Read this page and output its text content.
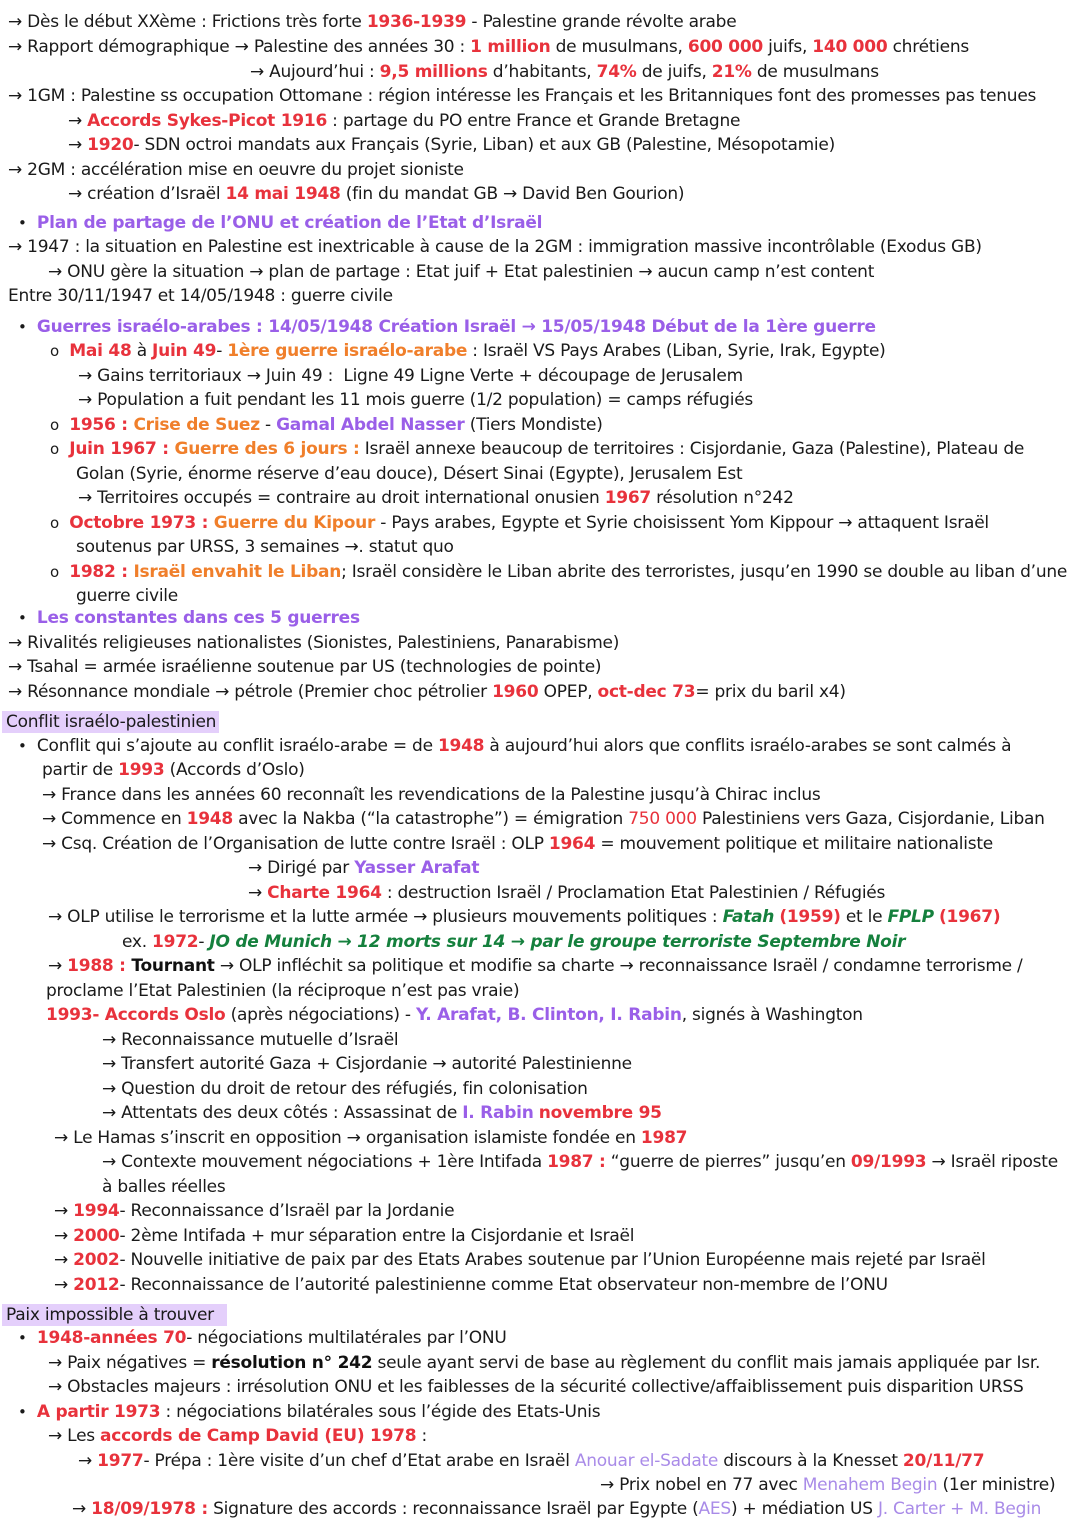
→ Dès le début XXème : Frictions très forte 1936-1939 - Palestine grande révolte arabe
→ Rapport démographique → Palestine des années 30 : 1 million de musulmans, 600 000 juifs, 140 000 chrétiens
→ Aujourd’hui : 9,5 millions d’habitants, 74% de juifs, 21% de musulmans
→ 1GM : Palestine ss occupation Ottomane : région intéresse les Français et les Britanniques font des promesses pas tenues
→ Accords Sykes-Picot 1916 : partage du PO entre France et Grande Bretagne
→ 1920- SDN octroi mandats aux Français (Syrie, Liban) et aux GB (Palestine, Mésopotamie)
→ 2GM : accélération mise en oeuvre du projet sioniste
→ création d’Israël 14 mai 1948 (fin du mandat GB → David Ben Gourion)
• Plan de partage de l’ONU et création de l’Etat d’Israël
→ 1947 : la situation en Palestine est inextricable à cause de la 2GM : immigration massive incontrôlable (Exodus GB)
→ ONU gère la situation → plan de partage : Etat juif + Etat palestinien → aucun camp n’est content
Entre 30/11/1947 et 14/05/1948 : guerre civile
• Guerres israélo-arabes : 14/05/1948 Création Israël → 15/05/1948 Début de la 1ère guerre
o Mai 48 à Juin 49- 1ère guerre israélo-arabe : Israël VS Pays Arabes (Liban, Syrie, Irak, Egypte)
→ Gains territoriaux → Juin 49 :  Ligne 49 Ligne Verte + découpage de Jerusalem
→ Population a fuit pendant les 11 mois guerre (1/2 population) = camps réfugiés
o 1956 : Crise de Suez - Gamal Abdel Nasser (Tiers Mondiste)
o Juin 1967 : Guerre des 6 jours : Israël annexe beaucoup de territoires : Cisjordanie, Gaza (Palestine), Plateau de
Golan (Syrie, énorme réserve d’eau douce), Désert Sinai (Egypte), Jerusalem Est
→ Territoires occupés = contraire au droit international onusien 1967 résolution n°242
o Octobre 1973 : Guerre du Kipour - Pays arabes, Egypte et Syrie choisissent Yom Kippour → attaquent Israël
soutenus par URSS, 3 semaines →. statut quo
o 1982 : Israël envahit le Liban; Israël considère le Liban abrite des terroristes, jusqu’en 1990 se double au liban d’une
guerre civile
• Les constantes dans ces 5 guerres
→ Rivalités religieuses nationalistes (Sionistes, Palestiniens, Panarabisme)
→ Tsahal = armée israélienne soutenue par US (technologies de pointe)
→ Résonnance mondiale → pétrole (Premier choc pétrolier 1960 OPEP, oct-dec 73= prix du baril x4)
Conflit israélo-palestinien
•  Conflit qui s’ajoute au conflit israélo-arabe = de 1948 à aujourd’hui alors que conflits israélo-arabes se sont calmés à
partir de 1993 (Accords d’Oslo)
→ France dans les années 60 reconnaît les revendications de la Palestine jusqu’à Chirac inclus
→ Commence en 1948 avec la Nakba (“la catastrophe”) = émigration 750 000 Palestiniens vers Gaza, Cisjordanie, Liban
→ Csq. Création de l’Organisation de lutte contre Israël : OLP 1964 = mouvement politique et militaire nationaliste
→ Dirigé par Yasser Arafat
→ Charte 1964 : destruction Israël / Proclamation Etat Palestinien / Réfugiés
→ OLP utilise le terrorisme et la lutte armée → plusieurs mouvements politiques : Fatah (1959) et le FPLP (1967)
ex. 1972- JO de Munich → 12 morts sur 14 → par le groupe terroriste Septembre Noir
→ 1988 : Tournant → OLP infléchit sa politique et modifie sa charte → reconnaissance Israël / condamne terrorisme /
proclame l’Etat Palestinien (la réciproque n’est pas vraie)
1993- Accords Oslo (après négociations) - Y. Arafat, B. Clinton, I. Rabin, signés à Washington
→ Reconnaissance mutuelle d’Israël
→ Transfert autorité Gaza + Cisjordanie → autorité Palestinienne
→ Question du droit de retour des réfugiés, fin colonisation
→ Attentats des deux côtés : Assassinat de I. Rabin novembre 95
→ Le Hamas s’inscrit en opposition → organisation islamiste fondée en 1987
→ Contexte mouvement négociations + 1ère Intifada 1987 : “guerre de pierres” jusqu’en 09/1993 → Israël riposte
à balles réelles
→ 1994- Reconnaissance d’Israël par la Jordanie
→ 2000- 2ème Intifada + mur séparation entre la Cisjordanie et Israël
→ 2002- Nouvelle initiative de paix par des Etats Arabes soutenue par l’Union Européenne mais rejeté par Israël
→ 2012- Reconnaissance de l’autorité palestinienne comme Etat observateur non-membre de l’ONU
Paix impossible à trouver
• 1948-années 70- négociations multilatérales par l’ONU
→ Paix négatives = résolution n° 242 seule ayant servi de base au règlement du conflit mais jamais appliquée par Isr.
→ Obstacles majeurs : irrésolution ONU et les faiblesses de la sécurité collective/affaiblissement puis disparition URSS
• A partir 1973 : négociations bilatérales sous l’égide des Etats-Unis
→ Les accords de Camp David (EU) 1978 :
→ 1977- Prépa : 1ère visite d’un chef d’Etat arabe en Israël Anouar el-Sadate discours à la Knesset 20/11/77
→ Prix nobel en 77 avec Menahem Begin (1er ministre)
→ 18/09/1978 : Signature des accords : reconnaissance Israël par Egypte (AES) + médiation US J. Carter + M. Begin
